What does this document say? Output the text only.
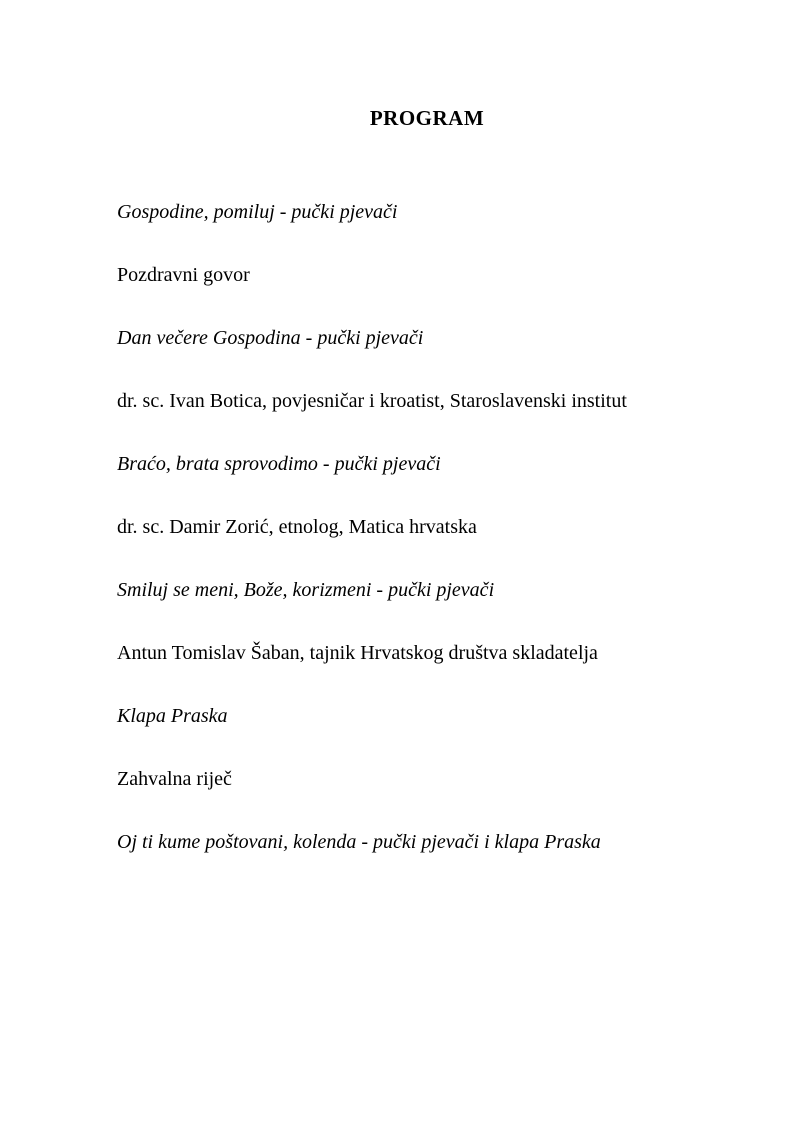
PROGRAM

Gospodine, pomiluj - pučki pjevači

Pozdravni govor

Dan večere Gospodina - pučki pjevači

dr. sc. Ivan Botica, povjesničar i kroatist, Staroslavenski institut

Braćo, brata sprovodimo - pučki pjevači

dr. sc. Damir Zorić, etnolog, Matica hrvatska

Smiluj se meni, Bože, korizmeni - pučki pjevači

Antun Tomislav Šaban, tajnik Hrvatskog društva skladatelja

Klapa Praska

Zahvalna riječ

Oj ti kume poštovani, kolenda - pučki pjevači i klapa Praska
